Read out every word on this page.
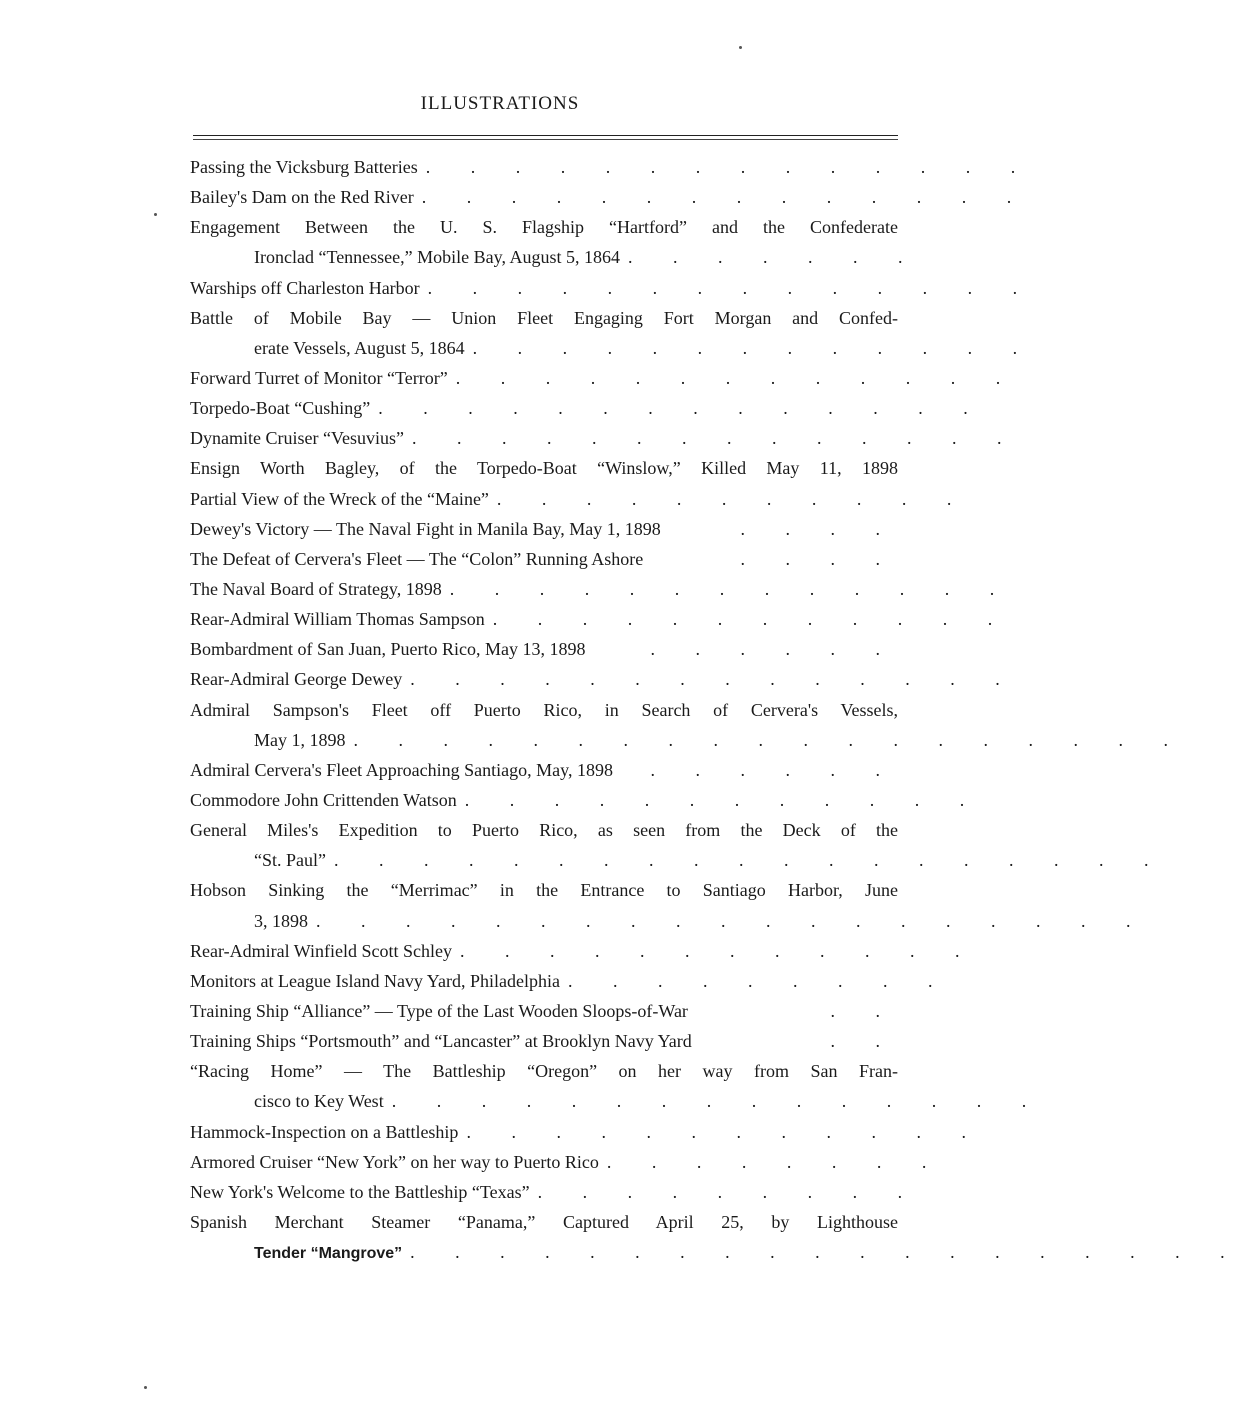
ILLUSTRATIONS
Passing the Vicksburg Batteries . . . . . . . . . . . . . .
Bailey's Dam on the Red River . . . . . . . . . . . . . .
Engagement Between the U. S. Flagship “Hartford” and the Confederate
Ironclad “Tennessee,” Mobile Bay, August 5, 1864 . . . . . . .
Warships off Charleston Harbor . . . . . . . . . . . . . .
Battle of Mobile Bay — Union Fleet Engaging Fort Morgan and Confed-
erate Vessels, August 5, 1864 . . . . . . . . . . . . .
Forward Turret of Monitor “Terror” . . . . . . . . . . . . .
Torpedo-Boat “Cushing” . . . . . . . . . . . . . .
Dynamite Cruiser “Vesuvius” . . . . . . . . . . . . . .
Ensign Worth Bagley, of the Torpedo-Boat “Winslow,” Killed May 11, 1898
Partial View of the Wreck of the “Maine” . . . . . . . . . . .
Dewey's Victory — The Naval Fight in Manila Bay, May 1, 1898	. . . .
The Defeat of Cervera's Fleet — The “Colon” Running Ashore	. . . .
The Naval Board of Strategy, 1898 . . . . . . . . . . . . .
Rear-Admiral William Thomas Sampson . . . . . . . . . . . .
Bombardment of San Juan, Puerto Rico, May 13, 1898	. . . . . .
Rear-Admiral George Dewey . . . . . . . . . . . . . .
Admiral Sampson's Fleet off Puerto Rico, in Search of Cervera's Vessels,
May 1, 1898 . . . . . . . . . . . . . . . . . . .
Admiral Cervera's Fleet Approaching Santiago, May, 1898	. . . . . .
Commodore John Crittenden Watson . . . . . . . . . . . .
General Miles's Expedition to Puerto Rico, as seen from the Deck of the
“St. Paul” . . . . . . . . . . . . . . . . . . .
Hobson Sinking the “Merrimac” in the Entrance to Santiago Harbor, June
3, 1898 . . . . . . . . . . . . . . . . . . .
Rear-Admiral Winfield Scott Schley . . . . . . . . . . . .
Monitors at League Island Navy Yard, Philadelphia . . . . . . . . .
Training Ship “Alliance” — Type of the Last Wooden Sloops-of-War	. .
Training Ships “Portsmouth” and “Lancaster” at Brooklyn Navy Yard	. .
“Racing Home” — The Battleship “Oregon” on her way from San Fran-
cisco to Key West . . . . . . . . . . . . . . .
Hammock-Inspection on a Battleship . . . . . . . . . . . .
Armored Cruiser “New York” on her way to Puerto Rico . . . . . . . .
New York's Welcome to the Battleship “Texas” . . . . . . . . .
Spanish Merchant Steamer “Panama,” Captured April 25, by Lighthouse
Tender “Mangrove” . . . . . . . . . . . . . . . . . . .
